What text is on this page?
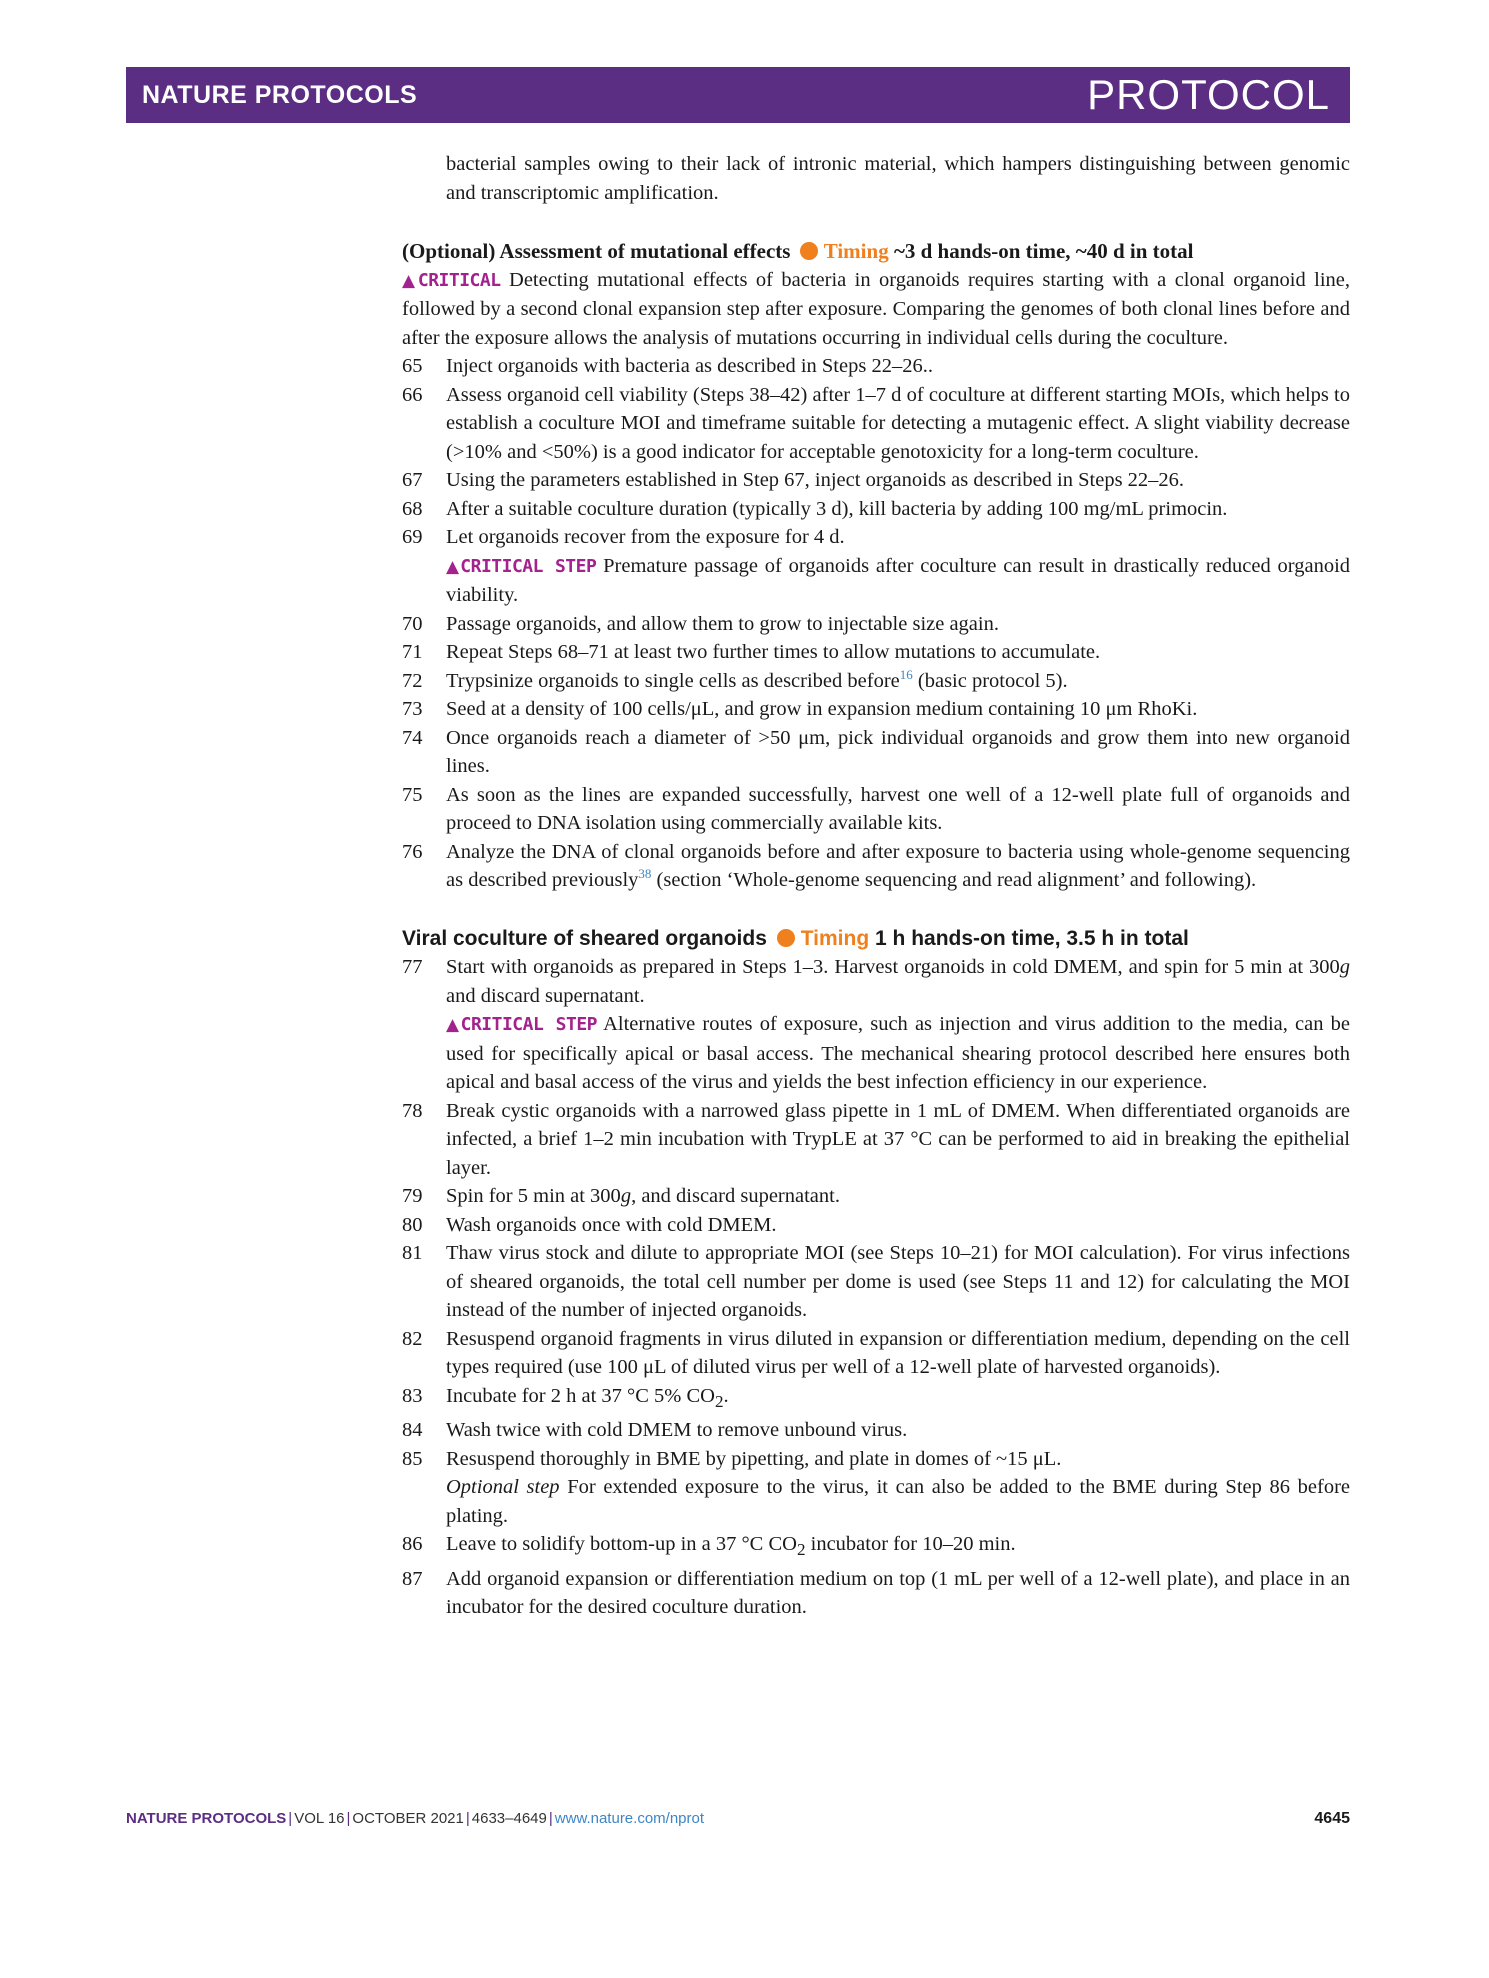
NATURE PROTOCOLS	PROTOCOL

bacterial samples owing to their lack of intronic material, which hampers distinguishing between genomic and transcriptomic amplification.

(Optional) Assessment of mutational effects Timing ~3 d hands-on time, ~40 d in total

▲CRITICAL Detecting mutational effects of bacteria in organoids requires starting with a clonal organoid line, followed by a second clonal expansion step after exposure. Comparing the genomes of both clonal lines before and after the exposure allows the analysis of mutations occurring in individual cells during the coculture.

65 Inject organoids with bacteria as described in Steps 22–26..
66 Assess organoid cell viability (Steps 38–42) after 1–7 d of coculture at different starting MOIs, which helps to establish a coculture MOI and timeframe suitable for detecting a mutagenic effect. A slight viability decrease (>10% and <50%) is a good indicator for acceptable genotoxicity for a long-term coculture.
67 Using the parameters established in Step 67, inject organoids as described in Steps 22–26.
68 After a suitable coculture duration (typically 3 d), kill bacteria by adding 100 mg/mL primocin.
69 Let organoids recover from the exposure for 4 d.
▲CRITICAL STEP Premature passage of organoids after coculture can result in drastically reduced organoid viability.
70 Passage organoids, and allow them to grow to injectable size again.
71 Repeat Steps 68–71 at least two further times to allow mutations to accumulate.
72 Trypsinize organoids to single cells as described before$^{16}$ (basic protocol 5).
73 Seed at a density of 100 cells/μL, and grow in expansion medium containing 10 μm RhoKi.
74 Once organoids reach a diameter of >50 μm, pick individual organoids and grow them into new organoid lines.
75 As soon as the lines are expanded successfully, harvest one well of a 12-well plate full of organoids and proceed to DNA isolation using commercially available kits.
76 Analyze the DNA of clonal organoids before and after exposure to bacteria using whole-genome sequencing as described previously$^{38}$ (section ‘Whole-genome sequencing and read alignment’ and following).
Viral coculture of sheared organoids Timing 1 h hands-on time, 3.5 h in total
77 Start with organoids as prepared in Steps 1–3. Harvest organoids in cold DMEM, and spin for 5 min at 300g and discard supernatant.
▲CRITICAL STEP Alternative routes of exposure, such as injection and virus addition to the media, can be used for specifically apical or basal access. The mechanical shearing protocol described here ensures both apical and basal access of the virus and yields the best infection efficiency in our experience.
78 Break cystic organoids with a narrowed glass pipette in 1 mL of DMEM. When differentiated organoids are infected, a brief 1–2 min incubation with TrypLE at 37 °C can be performed to aid in breaking the epithelial layer.
79 Spin for 5 min at 300g, and discard supernatant.
80 Wash organoids once with cold DMEM.
81 Thaw virus stock and dilute to appropriate MOI (see Steps 10–21) for MOI calculation). For virus infections of sheared organoids, the total cell number per dome is used (see Steps 11 and 12) for calculating the MOI instead of the number of injected organoids.
82 Resuspend organoid fragments in virus diluted in expansion or differentiation medium, depending on the cell types required (use 100 μL of diluted virus per well of a 12-well plate of harvested organoids).
83 Incubate for 2 h at 37 °C 5% $CO_2$.
84 Wash twice with cold DMEM to remove unbound virus.
85 Resuspend thoroughly in BME by pipetting, and plate in domes of ~15 μL.
Optional step For extended exposure to the virus, it can also be added to the BME during Step 86 before plating.
86 Leave to solidify bottom-up in a 37 °C $CO_2$ incubator for 10–20 min.
87 Add organoid expansion or differentiation medium on top (1 mL per well of a 12-well plate), and place in an incubator for the desired coculture duration.
NATURE PROTOCOLS | VOL 16 | OCTOBER 2021 | 4633–4649 | www.nature.com/nprot	4645
